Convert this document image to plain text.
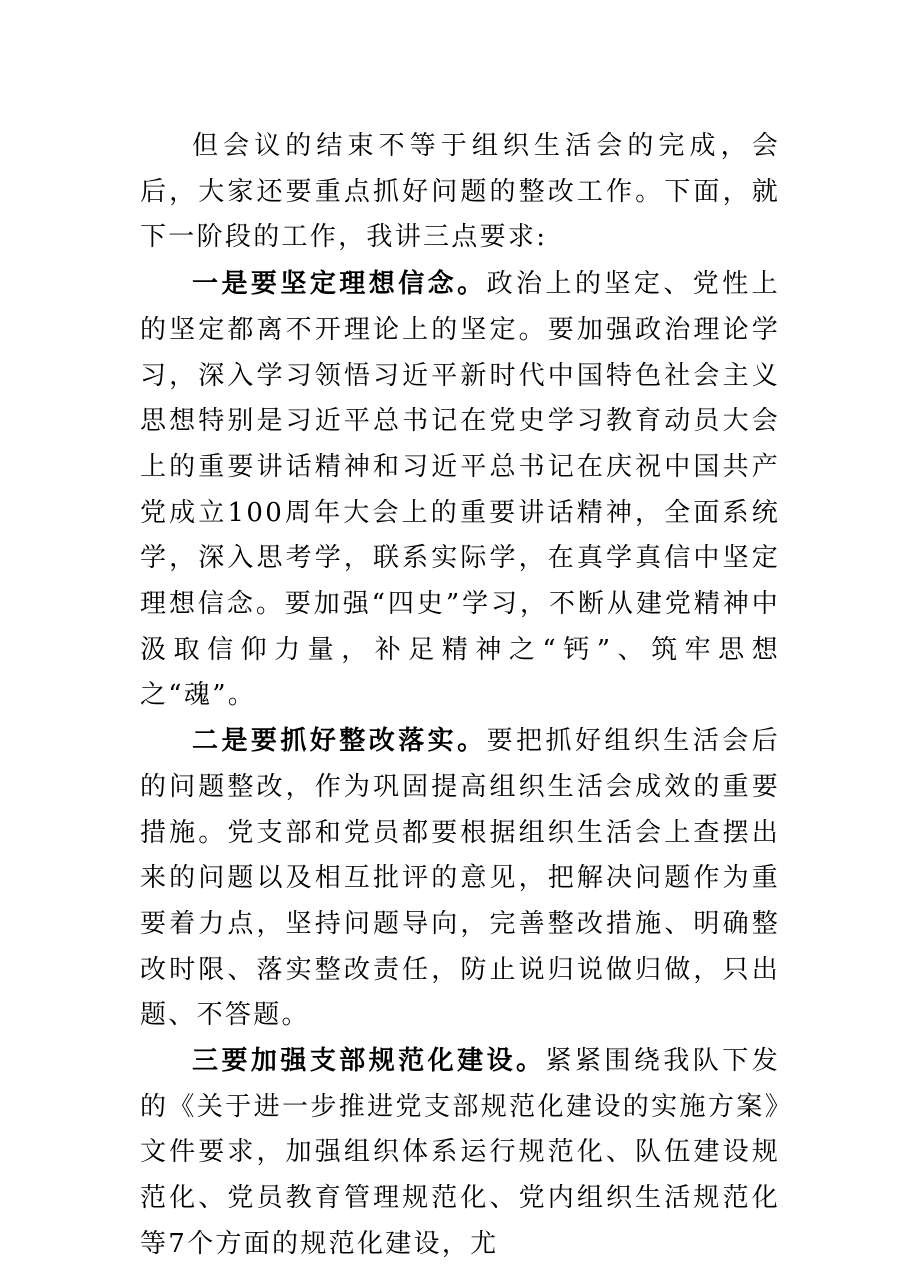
但会议的结束不等于组织生活会的完成，会后，大家还要重点抓好问题的整改工作。下面，就下一阶段的工作，我讲三点要求:

一是要坚定理想信念。政治上的坚定、党性上的坚定都离不开理论上的坚定。要加强政治理论学习，深入学习领悟习近平新时代中国特色社会主义思想特别是习近平总书记在党史学习教育动员大会上的重要讲话精神和习近平总书记在庆祝中国共产党成立100周年大会上的重要讲话精神，全面系统学，深入思考学，联系实际学，在真学真信中坚定理想信念。要加强“四史”学习，不断从建党精神中汲取信仰力量，补足精神之“钙”、筑牢思想之“魂”。

二是要抓好整改落实。要把抓好组织生活会后的问题整改，作为巩固提高组织生活会成效的重要措施。党支部和党员都要根据组织生活会上查摆出来的问题以及相互批评的意见，把解决问题作为重要着力点，坚持问题导向，完善整改措施、明确整改时限、落实整改责任，防止说归说做归做，只出题、不答题。

三要加强支部规范化建设。紧紧围绕我队下发的《关于进一步推进党支部规范化建设的实施方案》文件要求，加强组织体系运行规范化、队伍建设规范化、党员教育管理规范化、党内组织生活规范化等7个方面的规范化建设，尤
